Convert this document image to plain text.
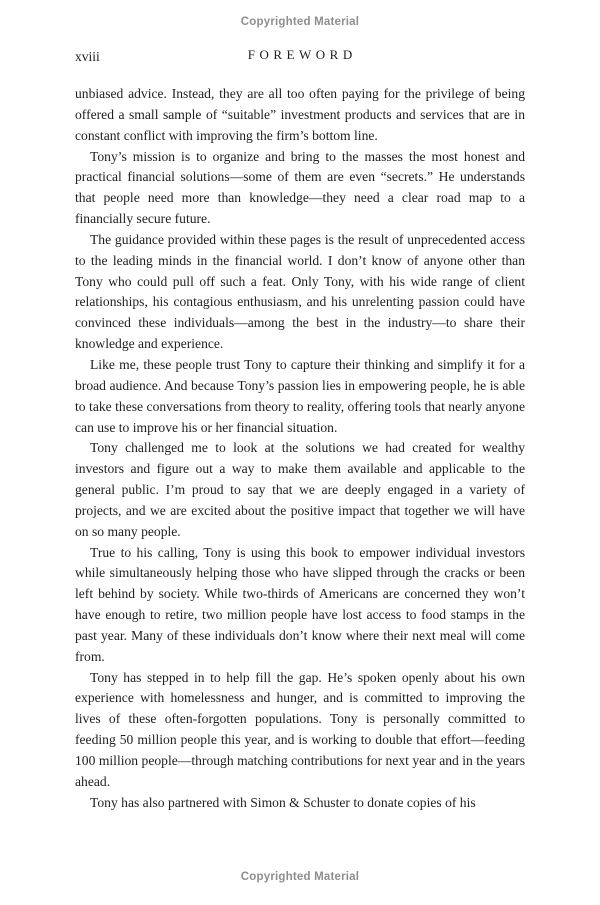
Copyrighted Material
xviii	FOREWORD

unbiased advice. Instead, they are all too often paying for the privilege of being offered a small sample of “suitable” investment products and services that are in constant conflict with improving the firm’s bottom line.

Tony’s mission is to organize and bring to the masses the most honest and practical financial solutions—some of them are even “secrets.” He understands that people need more than knowledge—they need a clear road map to a financially secure future.

The guidance provided within these pages is the result of unprecedented access to the leading minds in the financial world. I don’t know of anyone other than Tony who could pull off such a feat. Only Tony, with his wide range of client relationships, his contagious enthusiasm, and his unrelenting passion could have convinced these individuals—among the best in the industry—to share their knowledge and experience.

Like me, these people trust Tony to capture their thinking and simplify it for a broad audience. And because Tony’s passion lies in empowering people, he is able to take these conversations from theory to reality, offering tools that nearly anyone can use to improve his or her financial situation.

Tony challenged me to look at the solutions we had created for wealthy investors and figure out a way to make them available and applicable to the general public. I’m proud to say that we are deeply engaged in a variety of projects, and we are excited about the positive impact that together we will have on so many people.

True to his calling, Tony is using this book to empower individual investors while simultaneously helping those who have slipped through the cracks or been left behind by society. While two-thirds of Americans are concerned they won’t have enough to retire, two million people have lost access to food stamps in the past year. Many of these individuals don’t know where their next meal will come from.

Tony has stepped in to help fill the gap. He’s spoken openly about his own experience with homelessness and hunger, and is committed to improving the lives of these often-forgotten populations. Tony is personally committed to feeding 50 million people this year, and is working to double that effort—feeding 100 million people—through matching contributions for next year and in the years ahead.

Tony has also partnered with Simon & Schuster to donate copies of his

Copyrighted Material
